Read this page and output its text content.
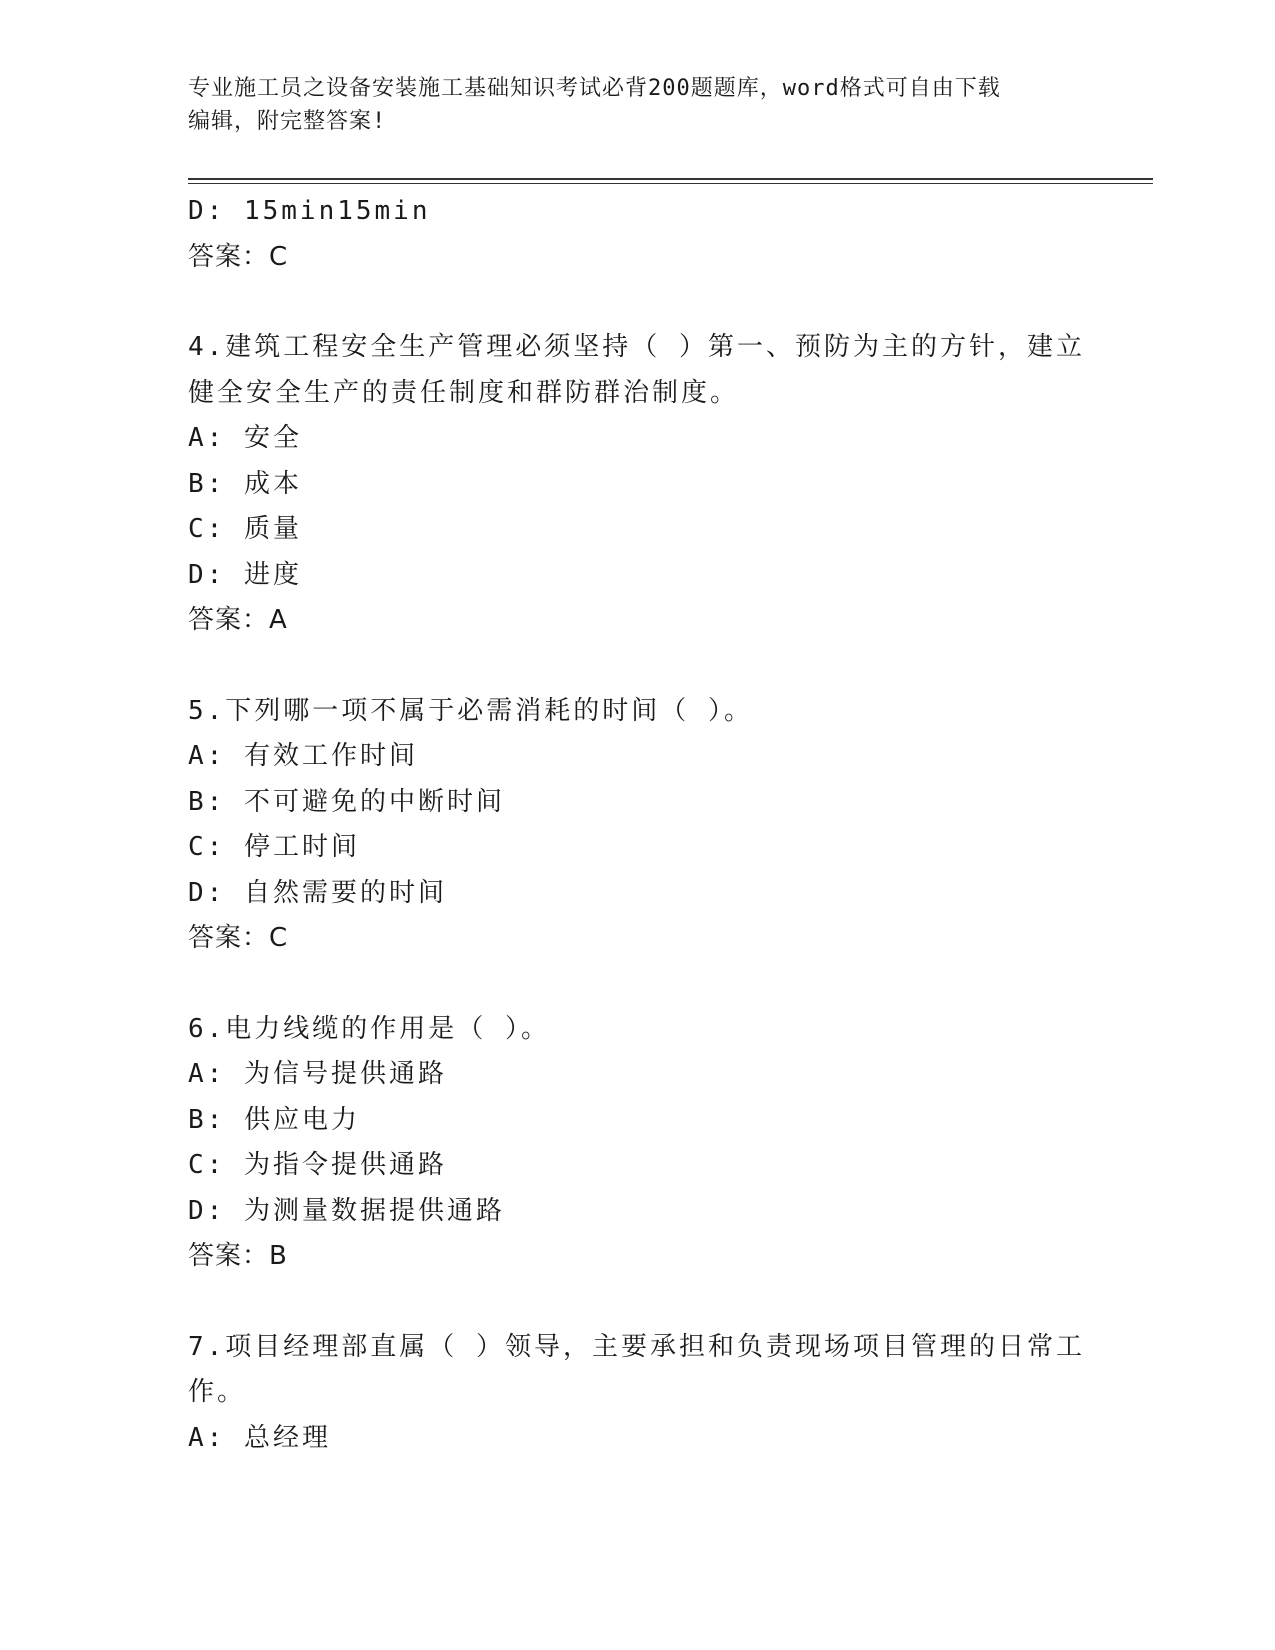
专业施工员之设备安装施工基础知识考试必背200题题库，word格式可自由下载
编辑，附完整答案!
D: 15min15min
答案：C
4.建筑工程安全生产管理必须坚持（ ）第一、预防为主的方针，建立
健全安全生产的责任制度和群防群治制度。
A: 安全
B: 成本
C: 质量
D: 进度
答案：A
5.下列哪一项不属于必需消耗的时间（ ）。
A: 有效工作时间
B: 不可避免的中断时间
C: 停工时间
D: 自然需要的时间
答案：C
6.电力线缆的作用是（ ）。
A: 为信号提供通路
B: 供应电力
C: 为指令提供通路
D: 为测量数据提供通路
答案：B
7.项目经理部直属（ ）领导，主要承担和负责现场项目管理的日常工
作。
A: 总经理
